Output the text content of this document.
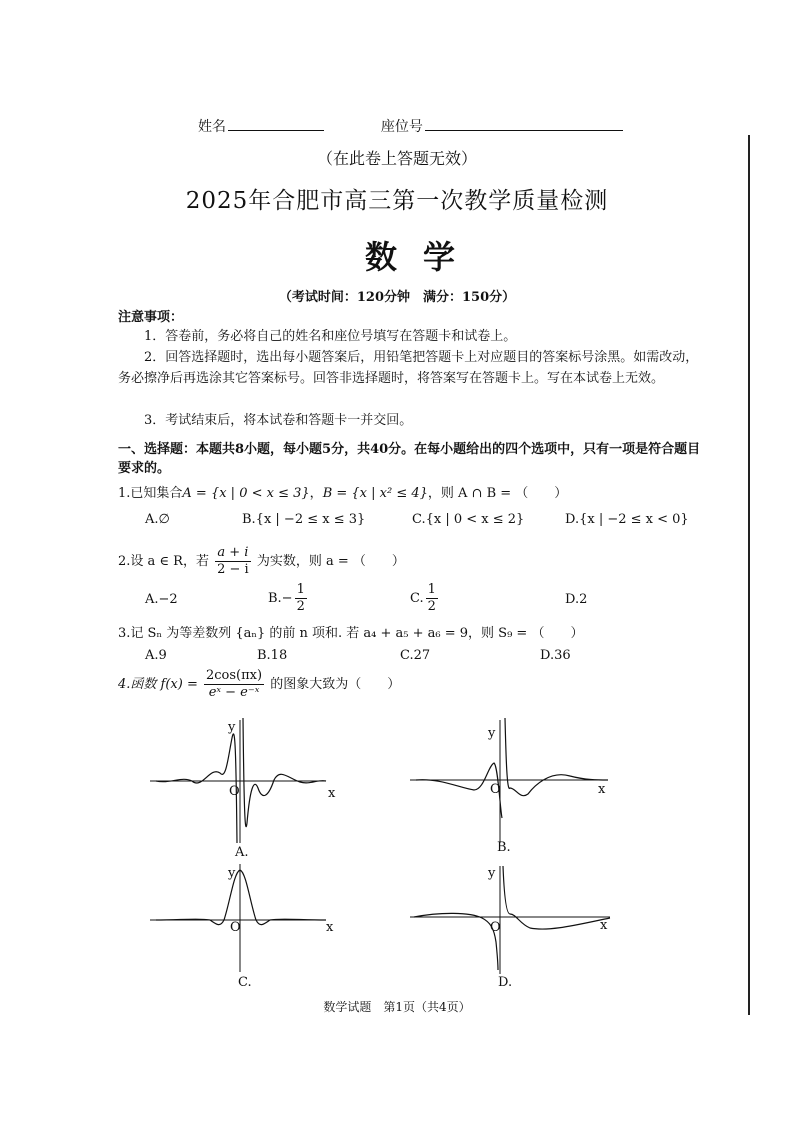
姓名	座位号
（在此卷上答题无效）
2025年合肥市高三第一次教学质量检测
数学
（考试时间：120分钟　满分：150分）
注意事项：
1．答卷前，务必将自己的姓名和座位号填写在答题卡和试卷上。
2．回答选择题时，选出每小题答案后，用铅笔把答题卡上对应题目的答案标号涂黑。如需改动，务必擦净后再选涂其它答案标号。回答非选择题时，将答案写在答题卡上。写在本试卷上无效。
3．考试结束后，将本试卷和答题卡一并交回。
一、选择题：本题共8小题，每小题5分，共40分。在每小题给出的四个选项中，只有一项是符合题目要求的。
1.已知集合A = {x | 0 < x ≤ 3}，B = {x | x² ≤ 4}，则 A ∩ B = （　　）
A.∅	B.{x | −2 ≤ x ≤ 3}	C.{x | 0 < x ≤ 2}	D.{x | −2 ≤ x < 0}
2.设 a ∈ R，若 $\frac{a + i}{2 - i}$ 为实数，则 a = （　　）
A.−2	$B.- \frac{1}{2}$	C. $\frac{1}{2}$	D.2
3.记 Sₙ 为等差数列 {aₙ} 的前 n 项和. 若 a₄ + a₅ + a₆ = 9，则 S₉ = （　　）
A.9	B.18	C.27	D.36
4.函数 $f(x) = \frac{2\cos(\pi x)}{\text{eˣ − e⁻ˣ}}$ 的图象大致为（　　）
y
O	x
A.
y
O	x
B.
y
O	x
C.
y
O	x
D.
数学试题　第1页（共4页）
